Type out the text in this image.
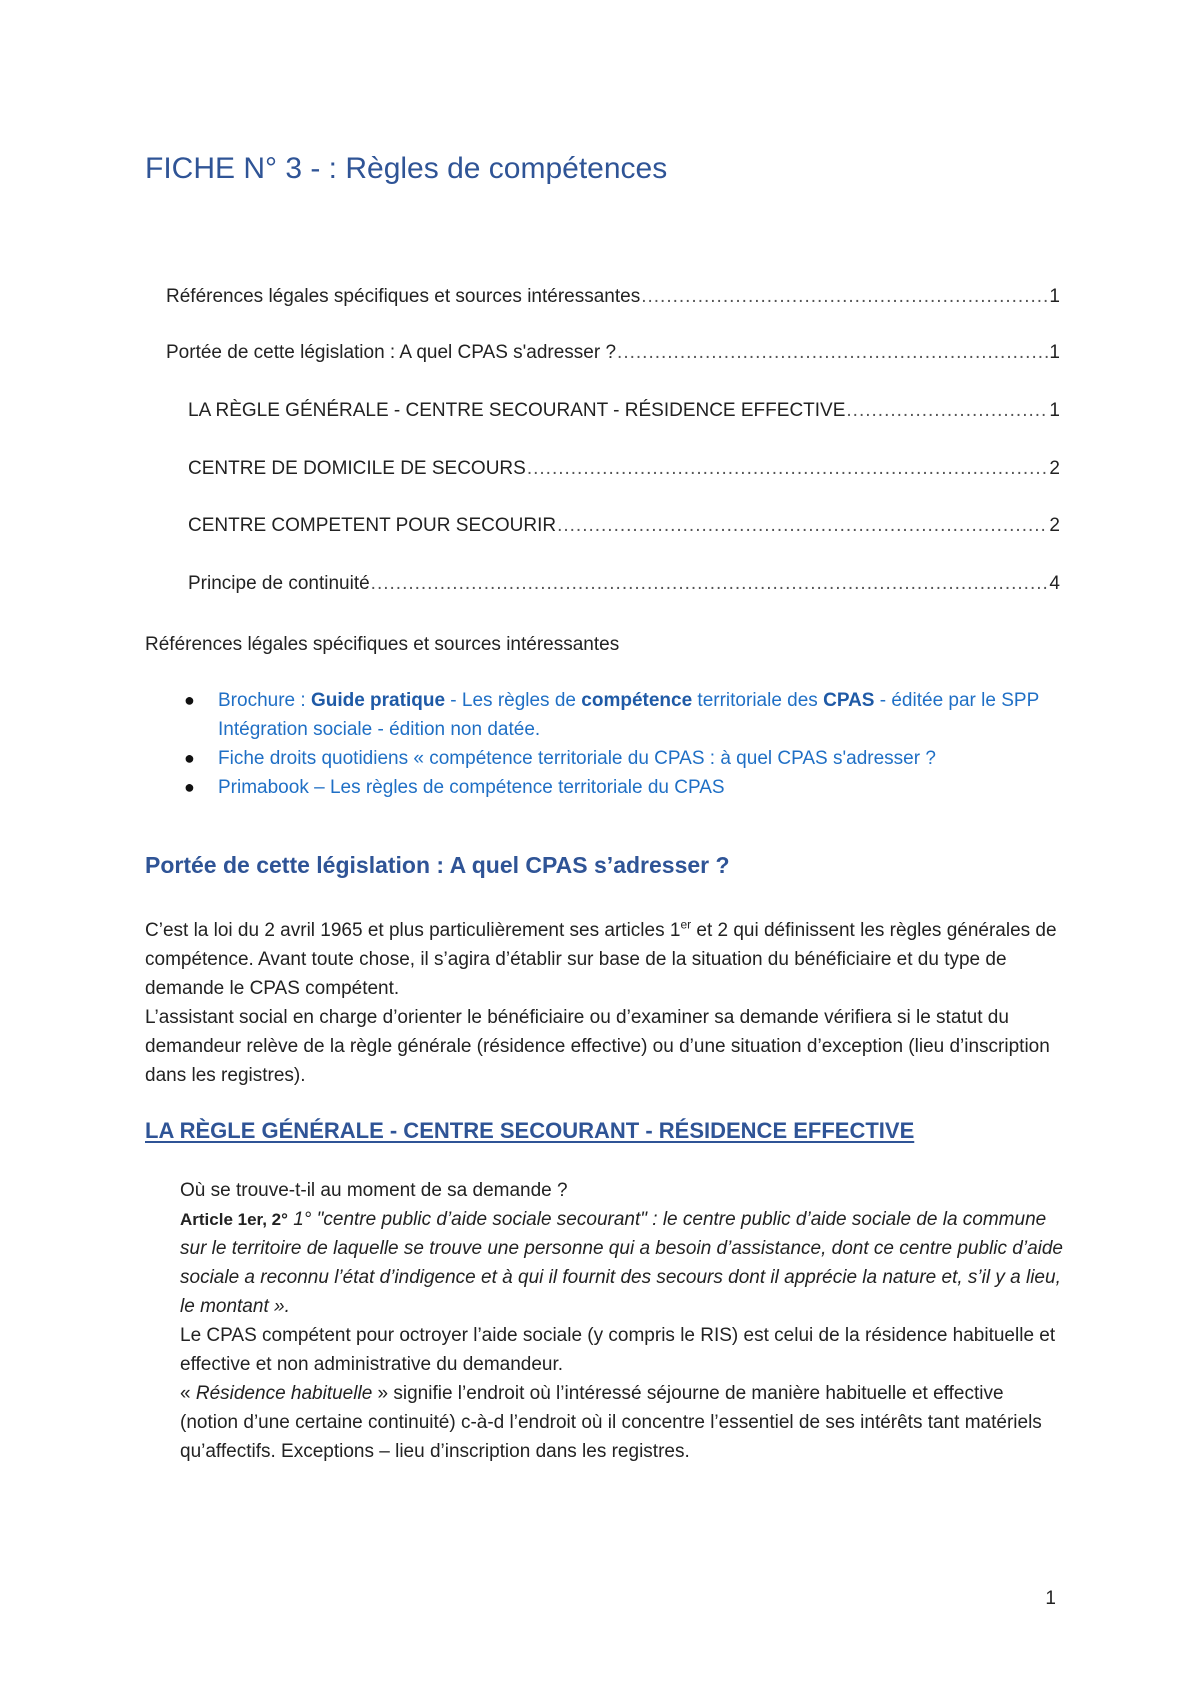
FICHE N° 3 - : Règles de compétences
Références légales spécifiques et sources intéressantes .....	1
Portée de cette législation : A quel CPAS s'adresser ? .....	1
LA RÈGLE GÉNÉRALE - CENTRE SECOURANT - RÉSIDENCE EFFECTIVE .....	1
CENTRE DE DOMICILE DE SECOURS .....	2
CENTRE COMPETENT POUR SECOURIR .....	2
Principe de continuité .....	4

Références légales spécifiques et sources intéressantes

● Brochure : Guide pratique - Les règles de compétence territoriale des CPAS - éditée par le SPP Intégration sociale - édition non datée.
● Fiche droits quotidiens « compétence territoriale du CPAS : à quel CPAS s'adresser ?
● Primabook – Les règles de compétence territoriale du CPAS
Portée de cette législation : A quel CPAS s’adresser ?

C’est la loi du 2 avril 1965 et plus particulièrement ses articles 1er et 2 qui définissent les règles générales de compétence. Avant toute chose, il s’agira d’établir sur base de la situation du bénéficiaire et du type de demande le CPAS compétent.

L’assistant social en charge d’orienter le bénéficiaire ou d’examiner sa demande vérifiera si le statut du demandeur relève de la règle générale (résidence effective) ou d’une situation d’exception (lieu d’inscription dans les registres).

LA RÈGLE GÉNÉRALE - CENTRE SECOURANT - RÉSIDENCE EFFECTIVE

Où se trouve-t-il au moment de sa demande ?

Article 1er, 2° 1° "centre public d’aide sociale secourant" : le centre public d’aide sociale de la commune sur le territoire de laquelle se trouve une personne qui a besoin d’assistance, dont ce centre public d’aide sociale a reconnu l’état d’indigence et à qui il fournit des secours dont il apprécie la nature et, s’il y a lieu, le montant ».

Le CPAS compétent pour octroyer l’aide sociale (y compris le RIS) est celui de la résidence habituelle et effective et non administrative du demandeur.

« Résidence habituelle » signifie l’endroit où l’intéressé séjourne de manière habituelle et effective (notion d’une certaine continuité) c-à-d l’endroit où il concentre l’essentiel de ses intérêts tant matériels qu’affectifs. Exceptions – lieu d’inscription dans les registres.

1
